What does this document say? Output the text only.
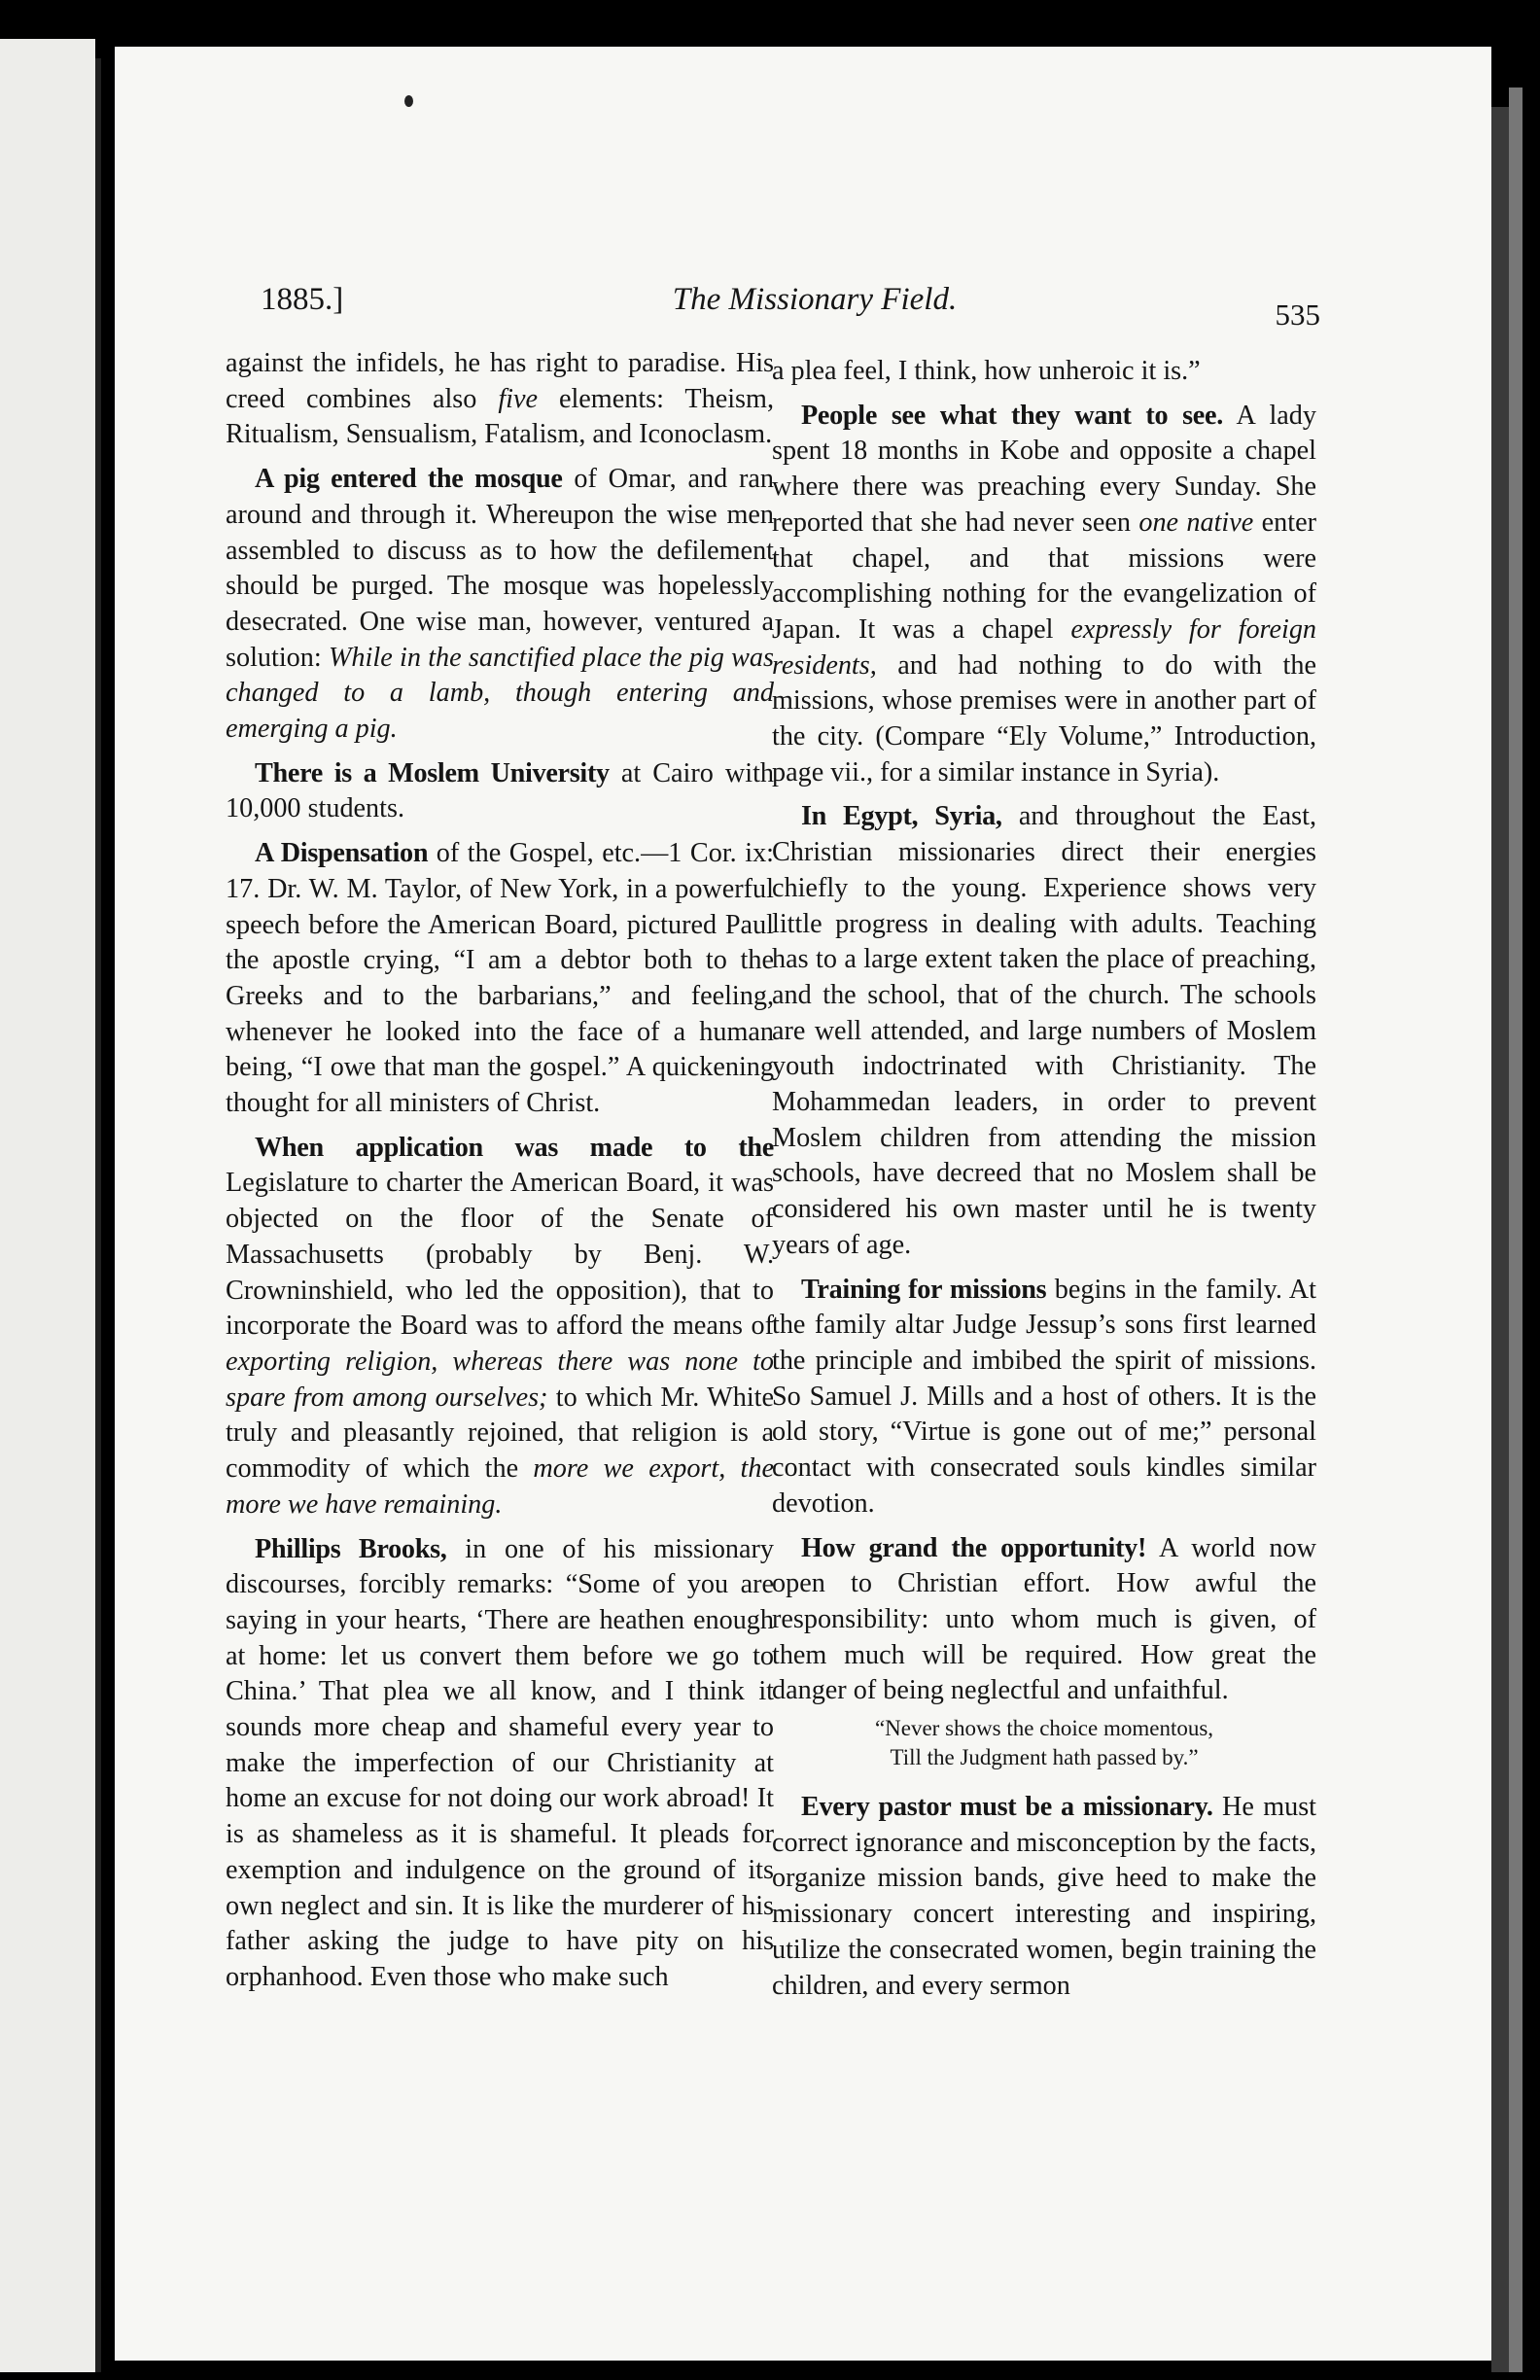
1885.]	The Missionary Field.	535

against the infidels, he has right to paradise. His creed combines also five elements: Theism, Ritualism, Sensualism, Fatalism, and Iconoclasm.

A pig entered the mosque of Omar, and ran around and through it. Whereupon the wise men assembled to discuss as to how the defilement should be purged. The mosque was hopelessly desecrated. One wise man, however, ventured a solution: While in the sanctified place the pig was changed to a lamb, though entering and emerging a pig.

There is a Moslem University at Cairo with 10,000 students.

A Dispensation of the Gospel, etc.—1 Cor. ix: 17. Dr. W. M. Taylor, of New York, in a powerful speech before the American Board, pictured Paul the apostle crying, “I am a debtor both to the Greeks and to the barbarians,” and feeling, whenever he looked into the face of a human being, “I owe that man the gospel.” A quickening thought for all ministers of Christ.

When application was made to the Legislature to charter the American Board, it was objected on the floor of the Senate of Massachusetts (probably by Benj. W. Crowninshield, who led the opposition), that to incorporate the Board was to afford the means of exporting religion, whereas there was none to spare from among ourselves; to which Mr. White truly and pleasantly rejoined, that religion is a commodity of which the more we export, the more we have remaining.

Phillips Brooks, in one of his missionary discourses, forcibly remarks: “Some of you are saying in your hearts, ‘There are heathen enough at home: let us convert them before we go to China.’ That plea we all know, and I think it sounds more cheap and shameful every year to make the imperfection of our Christianity at home an excuse for not doing our work abroad! It is as shameless as it is shameful. It pleads for exemption and indulgence on the ground of its own neglect and sin. It is like the murderer of his father asking the judge to have pity on his orphanhood. Even those who make such

a plea feel, I think, how unheroic it is.”

People see what they want to see. A lady spent 18 months in Kobe and opposite a chapel where there was preaching every Sunday. She reported that she had never seen one native enter that chapel, and that missions were accomplishing nothing for the evangelization of Japan. It was a chapel expressly for foreign residents, and had nothing to do with the missions, whose premises were in another part of the city. (Compare “Ely Volume,” Introduction, page vii., for a similar instance in Syria).

In Egypt, Syria, and throughout the East, Christian missionaries direct their energies chiefly to the young. Experience shows very little progress in dealing with adults. Teaching has to a large extent taken the place of preaching, and the school, that of the church. The schools are well attended, and large numbers of Moslem youth indoctrinated with Christianity. The Mohammedan leaders, in order to prevent Moslem children from attending the mission schools, have decreed that no Moslem shall be considered his own master until he is twenty years of age.

Training for missions begins in the family. At the family altar Judge Jessup’s sons first learned the principle and imbibed the spirit of missions. So Samuel J. Mills and a host of others. It is the old story, “Virtue is gone out of me;” personal contact with consecrated souls kindles similar devotion.

How grand the opportunity! A world now open to Christian effort. How awful the responsibility: unto whom much is given, of them much will be required. How great the danger of being neglectful and unfaithful.

“Never shows the choice momentous,
Till the Judgment hath passed by.”

Every pastor must be a missionary. He must correct ignorance and misconception by the facts, organize mission bands, give heed to make the missionary concert interesting and inspiring, utilize the consecrated women, begin training the children, and every sermon
